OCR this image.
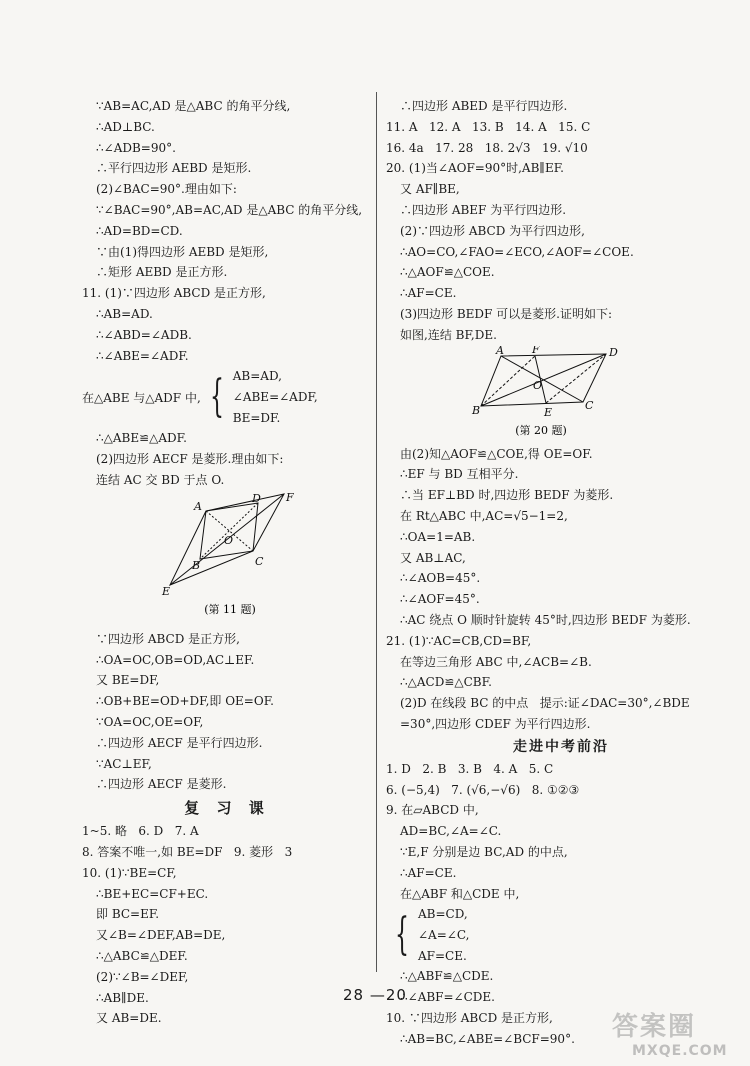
∵AB=AC,AD 是△ABC 的角平分线,
∴AD⊥BC.
∴∠ADB=90°.
∴平行四边形 AEBD 是矩形.
(2)∠BAC=90°.理由如下:
∵∠BAC=90°,AB=AC,AD 是△ABC 的角平分线,
∴AD=BD=CD.
∵由(1)得四边形 AEBD 是矩形,
∴矩形 AEBD 是正方形.
11. (1)∵四边形 ABCD 是正方形,
∴AB=AD.
∴∠ABD=∠ADB.
∴∠ABE=∠ADF.
在△ABE 与△ADF 中, { AB=AD,
∠ABE=∠ADF,
BE=DF.
∴△ABE≌△ADF.
(2)四边形 AECF 是菱形.理由如下:
连结 AC 交 BD 于点 O.
A
D
B	C
O
E
F
(第 11 题)
∵四边形 ABCD 是正方形,
∴OA=OC,OB=OD,AC⊥EF.
又 BE=DF,
∴OB+BE=OD+DF,即 OE=OF.
∵OA=OC,OE=OF,
∴四边形 AECF 是平行四边形.
∵AC⊥EF,
∴四边形 AECF 是菱形.
复 习 课
1~5. 略   6. D   7. A
8. 答案不唯一,如 BE=DF   9. 菱形   3
10. (1)∵BE=CF,
∴BE+EC=CF+EC.
即 BC=EF.
又∠B=∠DEF,AB=DE,
∴△ABC≌△DEF.
(2)∵∠B=∠DEF,
∴AB∥DE.
又 AB=DE.
∴四边形 ABED 是平行四边形.
11. A   12. A   13. B   14. A   15. C
16. 4a   17. 28   18. 2√3   19. √10
20. (1)当∠AOF=90°时,AB∥EF.
又 AF∥BE,
∴四边形 ABEF 为平行四边形.
(2)∵四边形 ABCD 为平行四边形,
∴AO=CO,∠FAO=∠ECO,∠AOF=∠COE.
∴△AOF≌△COE.
∴AF=CE.
(3)四边形 BEDF 可以是菱形.证明如下:
如图,连结 BF,DE.
A	F	D
B	E
C
O
(第 20 题)
由(2)知△AOF≌△COE,得 OE=OF.
∴EF 与 BD 互相平分.
∴当 EF⊥BD 时,四边形 BEDF 为菱形.
在 Rt△ABC 中,AC=√5−1=2,
∴OA=1=AB.
又 AB⊥AC,
∴∠AOB=45°.
∴∠AOF=45°.
∴AC 绕点 O 顺时针旋转 45°时,四边形 BEDF 为菱形.
21. (1)∵AC=CB,CD=BF,
在等边三角形 ABC 中,∠ACB=∠B.
∴△ACD≌△CBF.
(2)D 在线段 BC 的中点   提示:证∠DAC=30°,∠BDE
=30°,四边形 CDEF 为平行四边形.
走进中考前沿
1. D   2. B   3. B   4. A   5. C
6. (−5,4)   7. (√6,−√6)   8. ①②③
9. 在▱ABCD 中,
AD=BC,∠A=∠C.
∵E,F 分别是边 BC,AD 的中点,
∴AF=CE.
在△ABF 和△CDE 中,
{ AB=CD,
∠A=∠C,
AF=CE.
∴△ABF≌△CDE.
∴∠ABF=∠CDE.
10. ∵四边形 ABCD 是正方形,
∴AB=BC,∠ABE=∠BCF=90°.
28 —20
答案圈
MXQE.COM
